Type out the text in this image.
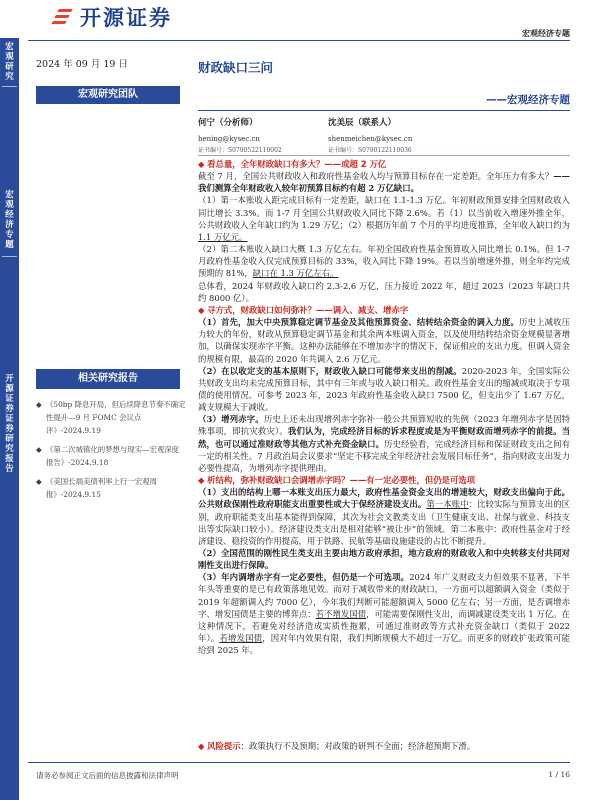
开源证券
宏观经济专题
宏观研究
宏观经济专题
开源证券 证券研究报告
2024 年 09 月 19 日
宏观研究团队
相关研究报告
◆ 《50bp 降息开局，但后续降息节奏不确定性提升—9 月 FOMC 会议点评》-2024.9.19
◆ 《第二次城镇化的梦想与现实—宏观深度报告》-2024.9.18
◆ 《美国长端美债利率上行一宏观周报》-2024.9.15
财政缺口三问
——宏观经济专题
何宁（分析师）
hening@kysec.cn
证书编号：S0790522110002
沈美辰（联系人）
shenmeichen@kysec.cn
证书编号：S0790122110036

◆ 看总量，全年财政缺口有多大？——或超 2 万亿

截至 7 月，全国公共财政收入和政府性基金收入均与预算目标存在一定差距。全年压力有多大？——我们测算全年财政收入较年初预算目标约有超 2 万亿缺口。

（1）第一本账收入距完成目标有一定差距，缺口在 1.1-1.3 万亿。年初财政预算安排全国财政收入同比增长 3.3%。而 1-7 月全国公共财政收入同比下降 2.6%。若（1）以当前收入增速外推全年，公共财政收入全年缺口约为 1.29 万亿；（2）根据历年前 7 个月的平均进度推算，全年收入缺口约为 1.1 万亿元。

（2）第二本账收入缺口大概 1.3 万亿左右。年初全国政府性基金预算收入同比增长 0.1%。但 1-7 月政府性基金收入仅完成预算目标的 33%，收入同比下降 19%。若以当前增速外推，则全年约完成预期的 81%，缺口在 1.3 万亿左右。

总体看，2024 年财政收入缺口约 2.3-2.6 万亿，压力接近 2022 年，超过 2023（2023 年缺口共约 8000 亿）。

◆ 寻方式，财政缺口如何弥补？——调入、减支、增赤字

（1）首先，加大中央预算稳定调节基金及其他预算资金、结转结余资金的调入力度。历史上减收压力较大的年份，财政从预算稳定调节基金和其余两本账调入资金，以及使用结转结余资金规模显著增加，以确保实现赤字平衡。这种办法能够在不增加赤字的情况下，保证相应的支出力度。但调入资金的规模有限，最高的 2020 年共调入 2.6 万亿元。

（2）在以收定支的基本原则下，财政收入缺口可能带来支出的削减。2020-2023 年，全国实际公共财政支出均未完成预算目标，其中有三年或与收入缺口相关。政府性基金支出的缩减或取决于专项债的使用情况。可参考 2023 年，2023 年政府性基金收入缺口 7500 亿，但支出少了 1.67 万亿，减支规模大于减收。

（3）增列赤字。历史上还未出现增列赤字弥补一般公共预算短收的先例（2023 年增列赤字是因特殊事项，即抗灾救灾）。我们认为，完成经济目标的诉求程度或是为平衡财政而增列赤字的前提。当然，也可以通过准财政等其他方式补充资金缺口。历史经验看，完成经济目标和保证财政支出之间有一定的相关性。7 月政治局会议要求“坚定不移完成全年经济社会发展目标任务”，指向财政支出发力必要性提高，为增列赤字提供理由。

◆ 析结构，弥补财政缺口会调增赤字吗？——有一定必要性，但仍是可选项

（1）支出的结构上哪一本账支出压力最大，政府性基金资金支出的增速较大，财政支出偏向于此。公共财政保刚性政府职能支出重要性或大于保经济建设支出。第一本账中：比较实际与预算支出的区别，政府职能类支出基本能得到保障，其次为社会文教类支出（卫生健康支出、社保与就业、科技支出等实际缺口较小）。经济建设类支出是相对能够“被让步”的领域。第二本账中：政府性基金对于经济建设、稳投资的作用提高，用于铁路、民航等基础设施建设的占比不断提升。

（2）全国范围的刚性民生类支出主要由地方政府承担，地方政府的财政收入和中央转移支付共同对刚性支出进行保障。

（3）年内调增赤字有一定必要性，但仍是一个可选项。2024 年广义财政支力但效果不显著，下半年头等重要的是已有政策落地见效。而对于减收带来的财政缺口，一方面可以超额调入资金（类似于 2019 年超额调入约 7000 亿），今年我们判断可能超额调入 5000 亿左右；另一方面，是否调增赤字、增发国债是主要的博弈点：若不增发国债，可能需要保刚性支出，而调减建设类支出 1 万亿。在这种情况下，若避免对经济造成实质性拖累，可通过准财政等方式补充资金缺口（类似于 2022 年）。若增发国债，因对年内效果有限，我们判断规模大不超过一万亿。而更多的财政扩张政策可能给到 2025 年。

◆ 风险提示：政策执行不及预期；对政策的研判不全面；经济超预期下滑。
请务必参阅正文后面的信息披露和法律声明	1 / 16
